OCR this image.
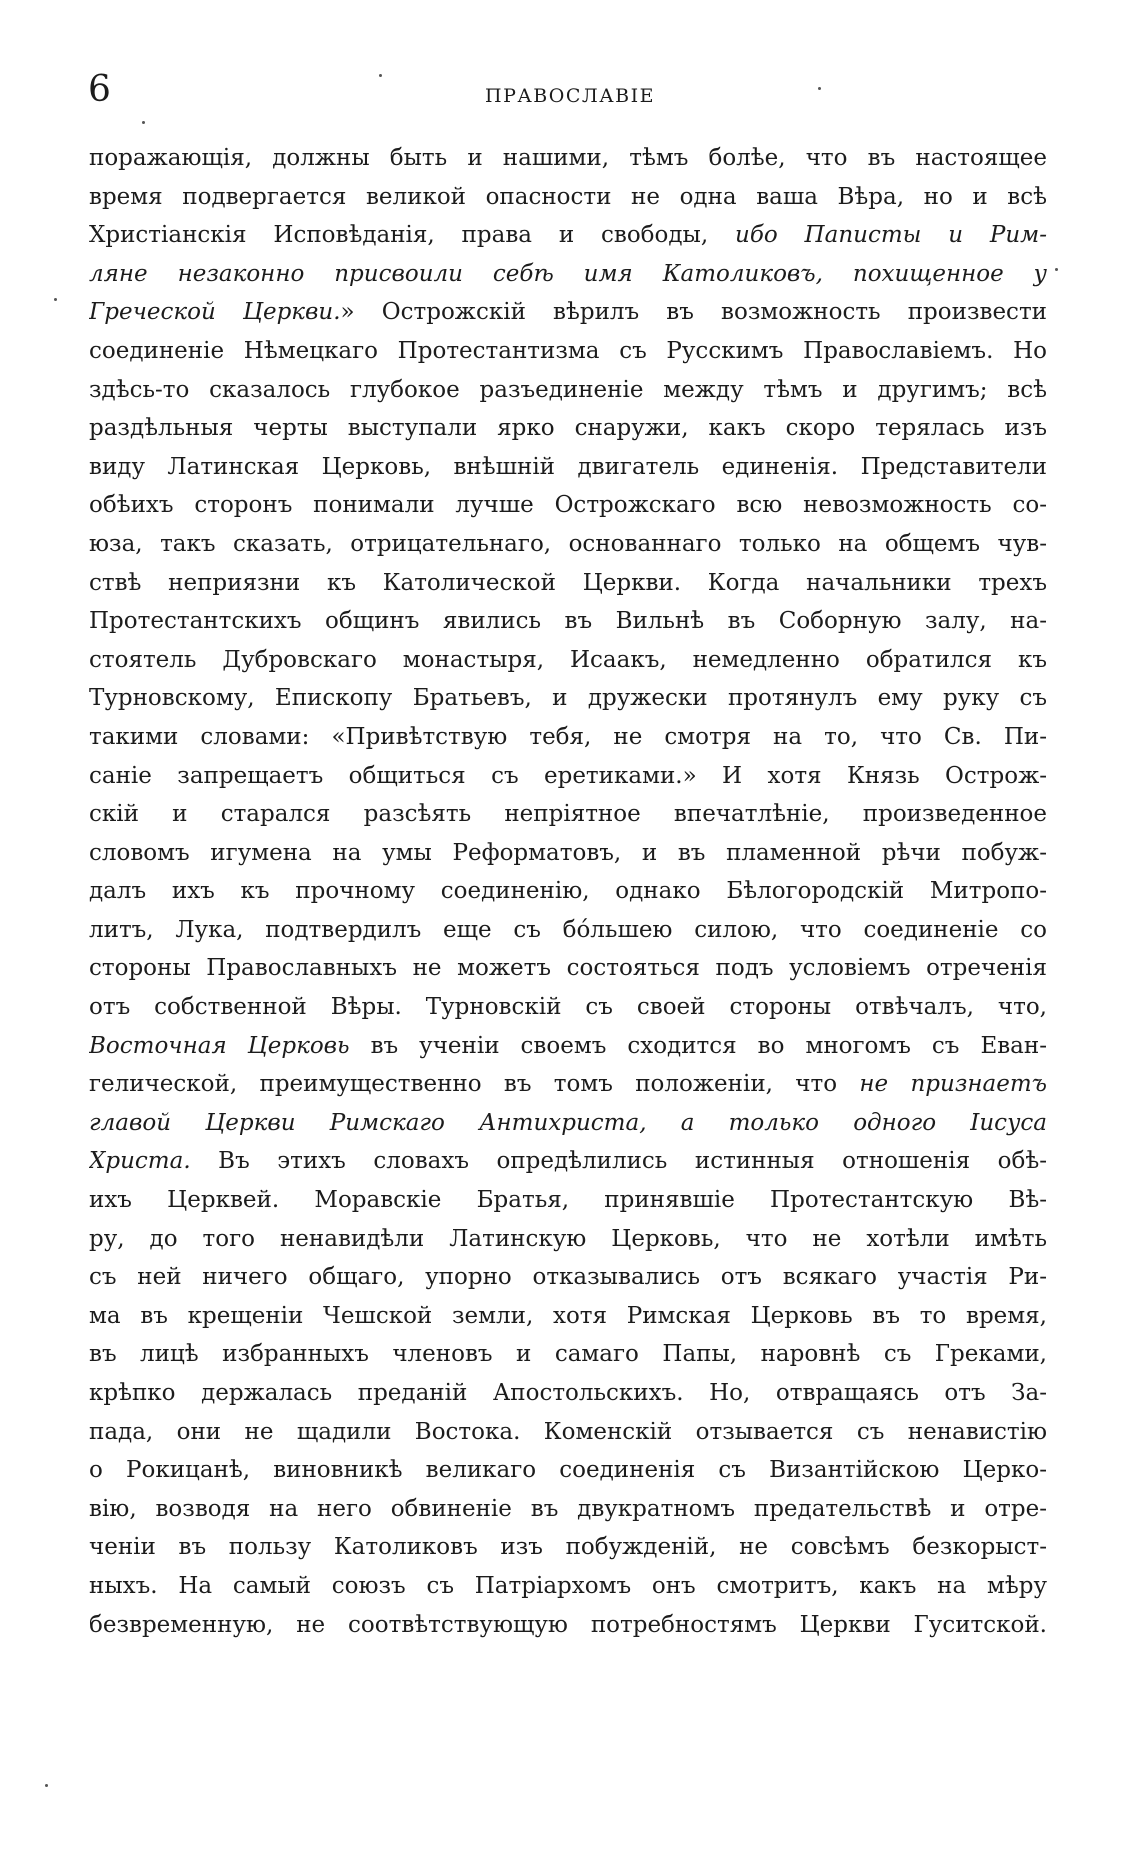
6	ПРАВОСЛАВІЕ
поражающія, должны быть и нашими, тѣмъ болѣе, что въ настоящее
время подвергается великой опасности не одна ваша Вѣра, но и всѣ
Христіанскія Исповѣданія, права и свободы, ибо Паписты и Рим-
ляне незаконно присвоили себѣ имя Католиковъ, похищенное у
Греческой Церкви.» Острожскій вѣрилъ въ возможность произвести
соединеніе Нѣмецкаго Протестантизма съ Русскимъ Православіемъ. Но
здѣсь-то сказалось глубокое разъединеніе между тѣмъ и другимъ; всѣ
раздѣльныя черты выступали ярко снаружи, какъ скоро терялась изъ
виду Латинская Церковь, внѣшній двигатель единенія. Представители
обѣихъ сторонъ понимали лучше Острожскаго всю невозможность со-
юза, такъ сказать, отрицательнаго, основаннаго только на общемъ чув-
ствѣ неприязни къ Католической Церкви. Когда начальники трехъ
Протестантскихъ общинъ явились въ Вильнѣ въ Соборную залу, на-
стоятель Дубровскаго монастыря, Исаакъ, немедленно обратился къ
Турновскому, Епископу Братьевъ, и дружески протянулъ ему руку съ
такими словами: «Привѣтствую тебя, не смотря на то, что Св. Пи-
саніе запрещаетъ общиться съ еретиками.» И хотя Князь Острож-
скій и старался разсѣять непріятное впечатлѣніе, произведенное
словомъ игумена на умы Реформатовъ, и въ пламенной рѣчи побуж-
далъ ихъ къ прочному соединенію, однако Бѣлогородскій Митропо-
литъ, Лука, подтвердилъ еще съ бóльшею силою, что соединеніе со
стороны Православныхъ не можетъ состояться подъ условіемъ отреченія
отъ собственной Вѣры. Турновскій съ своей стороны отвѣчалъ, что,
Восточная Церковь въ ученіи своемъ сходится во многомъ съ Еван-
гелической, преимущественно въ томъ положеніи, что не признаетъ
главой Церкви Римскаго Антихриста, а только одного Іисуса
Христа. Въ этихъ словахъ опредѣлились истинныя отношенія обѣ-
ихъ Церквей. Моравскіе Братья, принявшіе Протестантскую Вѣ-
ру, до того ненавидѣли Латинскую Церковь, что не хотѣли имѣть
съ ней ничего общаго, упорно отказывались отъ всякаго участія Ри-
ма въ крещеніи Чешской земли, хотя Римская Церковь въ то время,
въ лицѣ избранныхъ членовъ и самаго Папы, наровнѣ съ Греками,
крѣпко держалась преданій Апостольскихъ. Но, отвращаясь отъ За-
пада, они не щадили Востока. Коменскій отзывается съ ненавистію
о Рокицанѣ, виновникѣ великаго соединенія съ Византійскою Церко-
вію, возводя на него обвиненіе въ двукратномъ предательствѣ и отре-
ченіи въ пользу Католиковъ изъ побужденій, не совсѣмъ безкорыст-
ныхъ. На самый союзъ съ Патріархомъ онъ смотритъ, какъ на мѣру
безвременную, не соотвѣтствующую потребностямъ Церкви Гуситской.
